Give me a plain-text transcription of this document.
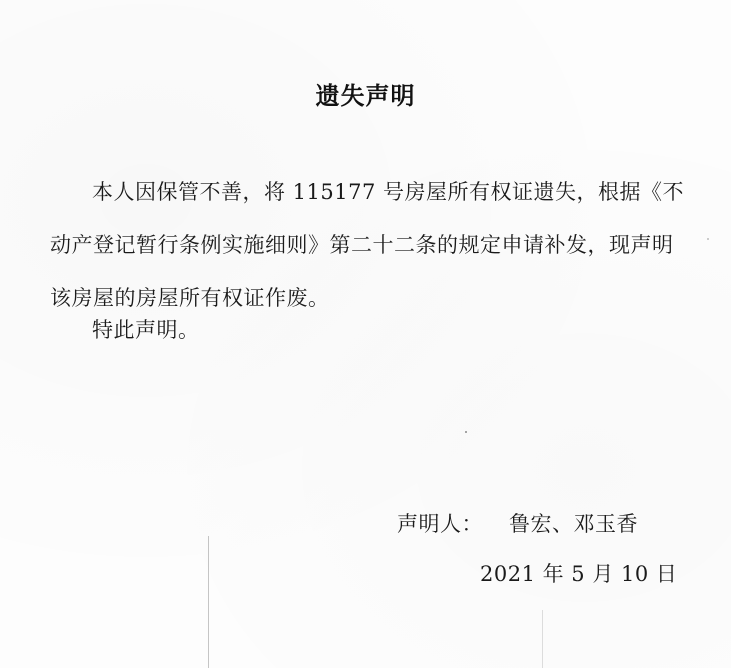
遗失声明
本人因保管不善，将 115177 号房屋所有权证遗失，根据《不动产登记暂行条例实施细则》第二十二条的规定申请补发，现声明该房屋的房屋所有权证作废。
特此声明。
声明人： 鲁宏、邓玉香
2021 年 5 月 10 日
